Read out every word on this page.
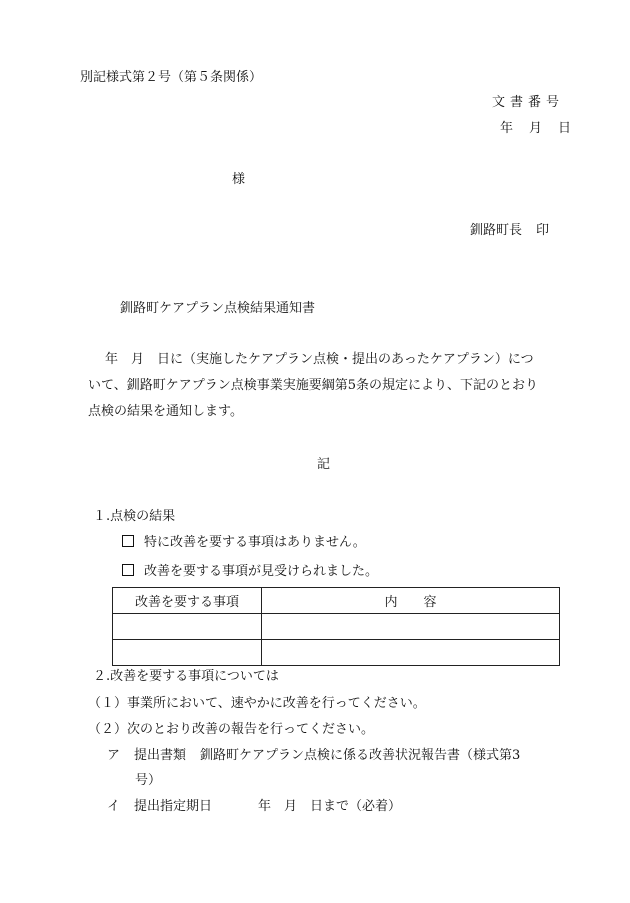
別記様式第２号（第５条関係）
文書番号
年 月 日
様
釧路町長 印
釧路町ケアプラン点検結果通知書
年　月　日に（実施したケアプラン点検・提出のあったケアプラン）につ
いて、釧路町ケアプラン点検事業実施要綱第5条の規定により、下記のとおり
点検の結果を通知します。
記
１.点検の結果
特に改善を要する事項はありません。
改善を要する事項が見受けられました。
改善を要する事項	内　　容

２.改善を要する事項については
（１）事業所において、速やかに改善を行ってください。
（２）次のとおり改善の報告を行ってください。
ア 提出書類 釧路町ケアプラン点検に係る改善状況報告書（様式第3
号）
イ 提出指定期日	年　月　日まで（必着）
